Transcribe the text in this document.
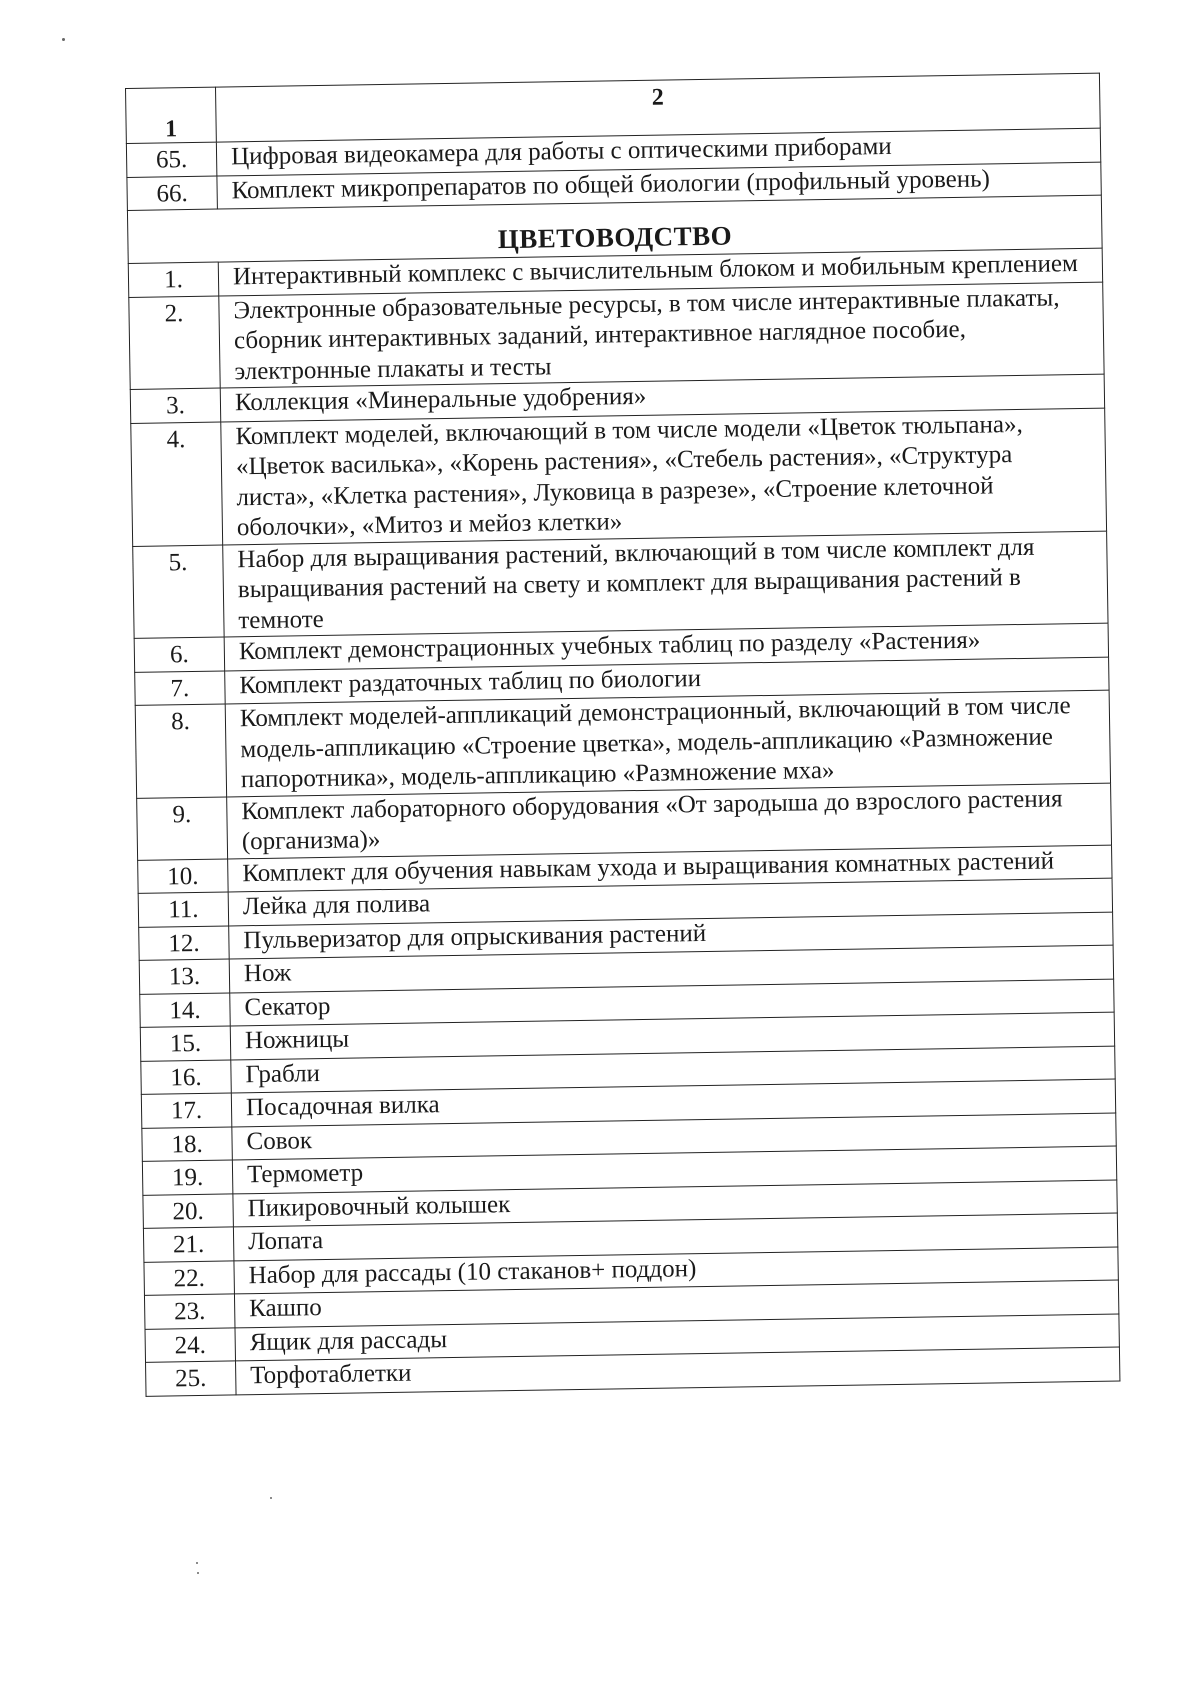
1	2
65.	Цифровая видеокамера для работы с оптическими приборами
66.	Комплект микропрепаратов по общей биологии (профильный уровень)
ЦВЕТОВОДСТВО	
1.	Интерактивный комплекс с вычислительным блоком и мобильным креплением
2.	Электронные образовательные ресурсы, в том числе интерактивные плакаты, сборник интерактивных заданий, интерактивное наглядное пособие, электронные плакаты и тесты
3.	Коллекция «Минеральные удобрения»
4.	Комплект моделей, включающий в том числе модели «Цветок тюльпана», «Цветок василька», «Корень растения», «Стебель растения», «Структура листа», «Клетка растения», Луковица в разрезе», «Строение клеточной оболочки», «Митоз и мейоз клетки»
5.	Набор для выращивания растений, включающий в том числе комплект для выращивания растений на свету и комплект для выращивания растений в темноте
6.	Комплект демонстрационных учебных таблиц по разделу «Растения»
7.	Комплект раздаточных таблиц по биологии
8.	Комплект моделей-аппликаций демонстрационный, включающий в том числе модель-аппликацию «Строение цветка», модель-аппликацию «Размножение папоротника», модель-аппликацию «Размножение мха»
9.	Комплект лабораторного оборудования «От зародыша до взрослого растения (организма)»
10.	Комплект для обучения навыкам ухода и выращивания комнатных растений
11.	Лейка для полива
12.	Пульверизатор для опрыскивания растений
13.	Нож
14.	Секатор
15.	Ножницы
16.	Грабли
17.	Посадочная вилка
18.	Совок
19.	Термометр
20.	Пикировочный колышек
21.	Лопата
22.	Набор для рассады (10 стаканов+ поддон)
23.	Кашпо
24.	Ящик для рассады
25.	Торфотаблетки
